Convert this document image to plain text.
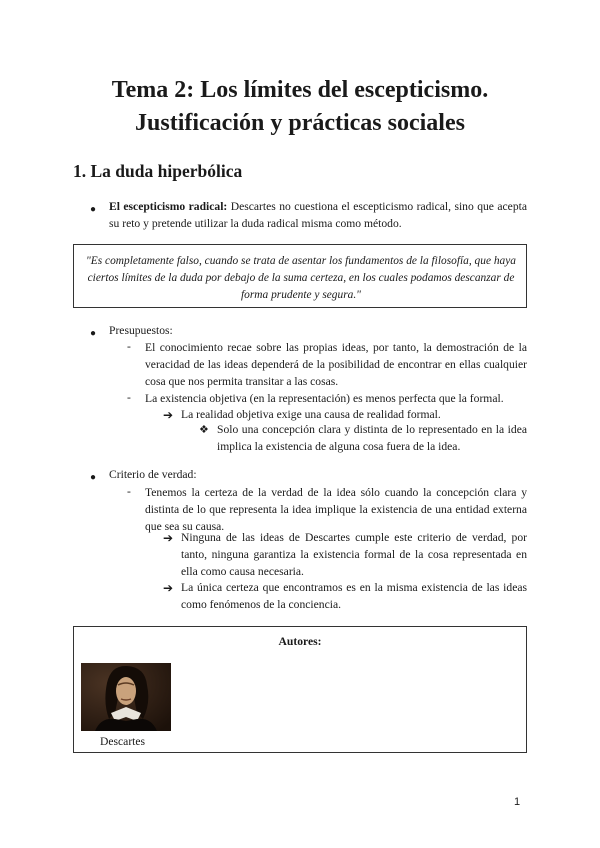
Tema 2: Los límites del escepticismo.
Justificación y prácticas sociales
1. La duda hiperbólica
● El escepticismo radical: Descartes no cuestiona el escepticismo radical, sino que acepta su reto y pretende utilizar la duda radical misma como método.
"Es completamente falso, cuando se trata de asentar los fundamentos de la filosofía, que haya ciertos límites de la duda por debajo de la suma certeza, en los cuales podamos descanzar de forma prudente y segura."
● Presupuestos:
- El conocimiento recae sobre las propias ideas, por tanto, la demostración de la veracidad de las ideas dependerá de la posibilidad de encontrar en ellas cualquier cosa que nos permita transitar a las cosas.
- La existencia objetiva (en la representación) es menos perfecta que la formal.
➔ La realidad objetiva exige una causa de realidad formal.
❖ Solo una concepción clara y distinta de lo representado en la idea implica la existencia de alguna cosa fuera de la idea.
● Criterio de verdad:
- Tenemos la certeza de la verdad de la idea sólo cuando la concepción clara y distinta de lo que representa la idea implique la existencia de una entidad externa que sea su causa.
➔ Ninguna de las ideas de Descartes cumple este criterio de verdad, por tanto, ninguna garantiza la existencia formal de la cosa representada en ella como causa necesaria.
➔ La única certeza que encontramos es en la misma existencia de las ideas como fenómenos de la conciencia.
Autores:
Descartes
1
